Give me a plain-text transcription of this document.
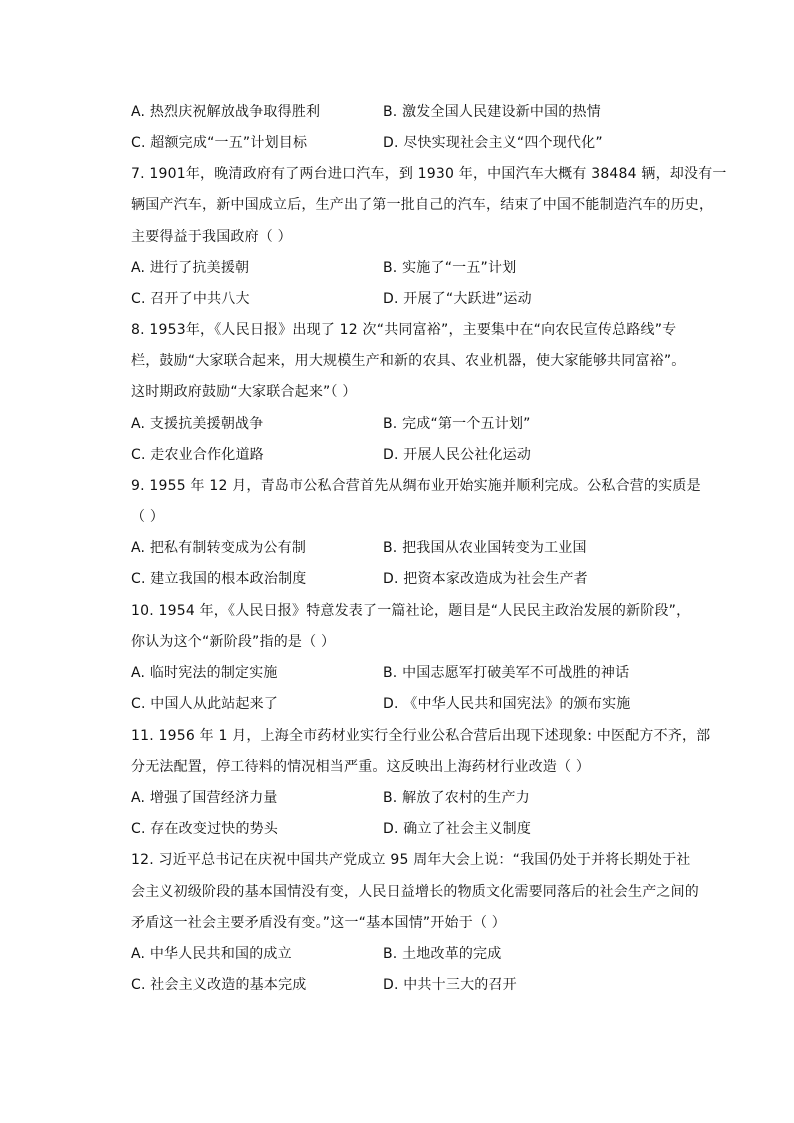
A. 热烈庆祝解放战争取得胜利	B. 激发全国人民建设新中国的热情
C. 超额完成“一五”计划目标	D. 尽快实现社会主义“四个现代化”
7. 1901年，晚清政府有了两台进口汽车，到 1930 年，中国汽车大概有 38484 辆，却没有一
辆国产汽车，新中国成立后，生产出了第一批自己的汽车，结束了中国不能制造汽车的历史，
主要得益于我国政府（ ）
A. 进行了抗美援朝	B. 实施了“一五”计划
C. 召开了中共八大	D. 开展了“大跃进”运动
8. 1953年，《人民日报》出现了 12 次“共同富裕”，主要集中在“向农民宣传总路线”专
栏，鼓励“大家联合起来，用大规模生产和新的农具、农业机器，使大家能够共同富裕”。
这时期政府鼓励“大家联合起来”（ ）
A. 支援抗美援朝战争	B. 完成“第一个五计划”
C. 走农业合作化道路	D. 开展人民公社化运动
9. 1955 年 12 月，青岛市公私合营首先从绸布业开始实施并顺利完成。公私合营的实质是
（ ）
A. 把私有制转变成为公有制	B. 把我国从农业国转变为工业国
C. 建立我国的根本政治制度	D. 把资本家改造成为社会生产者
10. 1954 年，《人民日报》特意发表了一篇社论，题目是“人民民主政治发展的新阶段”，
你认为这个“新阶段”指的是（ ）
A. 临时宪法的制定实施	B. 中国志愿军打破美军不可战胜的神话
C. 中国人从此站起来了	D. 《中华人民共和国宪法》的颁布实施
11. 1956 年 1 月，上海全市药材业实行全行业公私合营后出现下述现象: 中医配方不齐，部
分无法配置，停工待料的情况相当严重。这反映出上海药材行业改造（ ）
A. 增强了国营经济力量	B. 解放了农村的生产力
C. 存在改变过快的势头	D. 确立了社会主义制度
12. 习近平总书记在庆祝中国共产党成立 95 周年大会上说：“我国仍处于并将长期处于社
会主义初级阶段的基本国情没有变，人民日益增长的物质文化需要同落后的社会生产之间的
矛盾这一社会主要矛盾没有变。”这一“基本国情”开始于（ ）
A. 中华人民共和国的成立	B. 土地改革的完成
C. 社会主义改造的基本完成	D. 中共十三大的召开
